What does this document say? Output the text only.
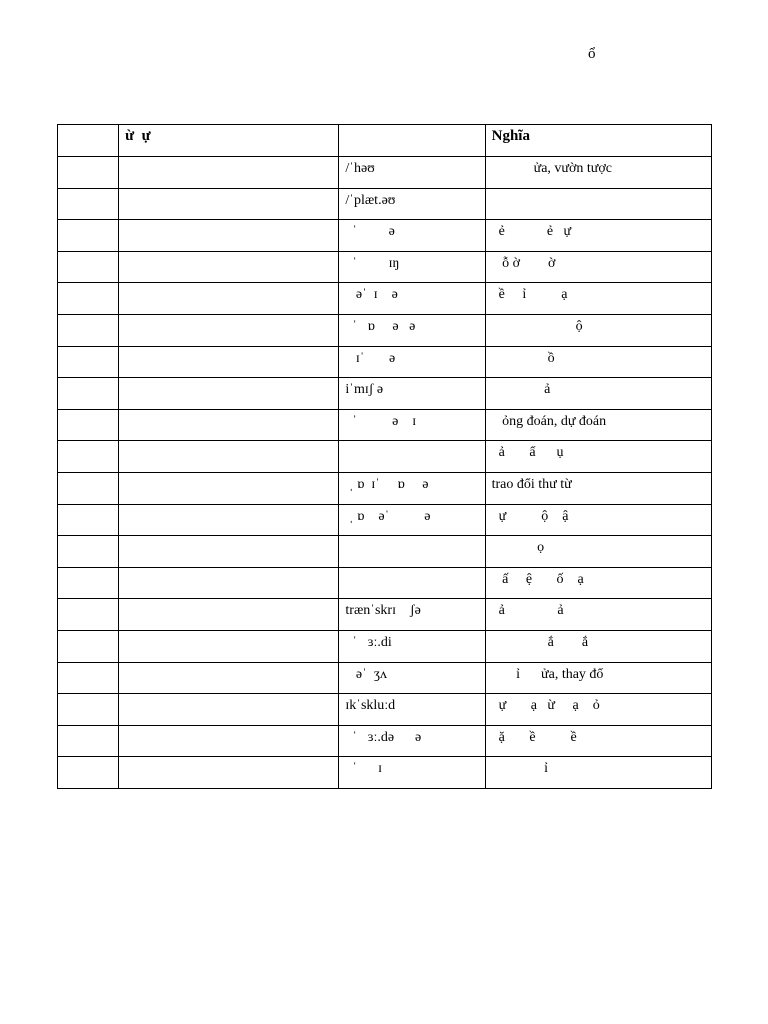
ổ
	ừ  ự		Nghĩa
		/ˈhəʊ	ửa, vườn tược
		/ˈplæt.əʊ	
		ˈ         ə	ẻ            ẻ   ự
		ˈ         ɪŋ	ỗ ờ        ờ
		əˈ  ɪ    ə	ề     ỉ          ạ
		ˈ   ɒ     ə   ə	ộ
		ɪˈ       ə	ồ
		iˈmɪʃ ə	ả
		ˈ          ə    ɪ	ỏng đoán, dự đoán
			ả       ẩ      ụ
		ˌ ɒ  ɪˈ     ɒ     ə	trao đổi thư từ
		ˌ ɒ    əˈ          ə	ự          ộ    ậ
			ọ
			ấ     ệ       ố    ạ
		trænˈskrɪ    ʃə	ả               ả
		ˈ   ɜː.di	ắ        ắ
		əˈ  ʒʌ	ỉ      ửa, thay đổ
		ɪkˈskluːd	ự       ạ   ừ     ạ    ỏ
		ˈ   ɜː.də      ə	ặ       ề          ề
		ˈ      ɪ	ỉ
